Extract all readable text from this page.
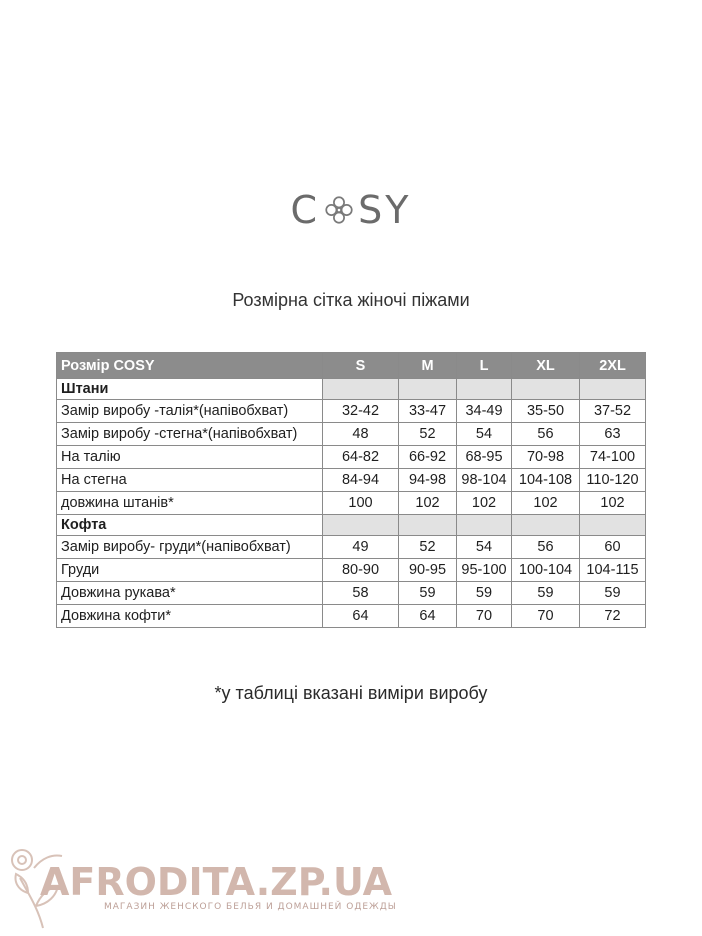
C SY
Розмірна сітка жіночі піжами
Розмір COSY	S	M	L	XL	2XL
Штани					
Замір виробу -талія*(напівобхват)	32-42	33-47	34-49	35-50	37-52
Замір виробу -стегна*(напівобхват)	48	52	54	56	63
На талію	64-82	66-92	68-95	70-98	74-100
На стегна	84-94	94-98	98-104	104-108	110-120
довжина штанів*	100	102	102	102	102
Кофта					
Замір виробу- груди*(напівобхват)	49	52	54	56	60
Груди	80-90	90-95	95-100	100-104	104-115
Довжина рукава*	58	59	59	59	59
Довжина кофти*	64	64	70	70	72
*у таблиці вказані виміри виробу
AFRODITA.ZP.UA
МАГАЗИН ЖЕНСКОГО БЕЛЬЯ И ДОМАШНЕЙ ОДЕЖДЫ
